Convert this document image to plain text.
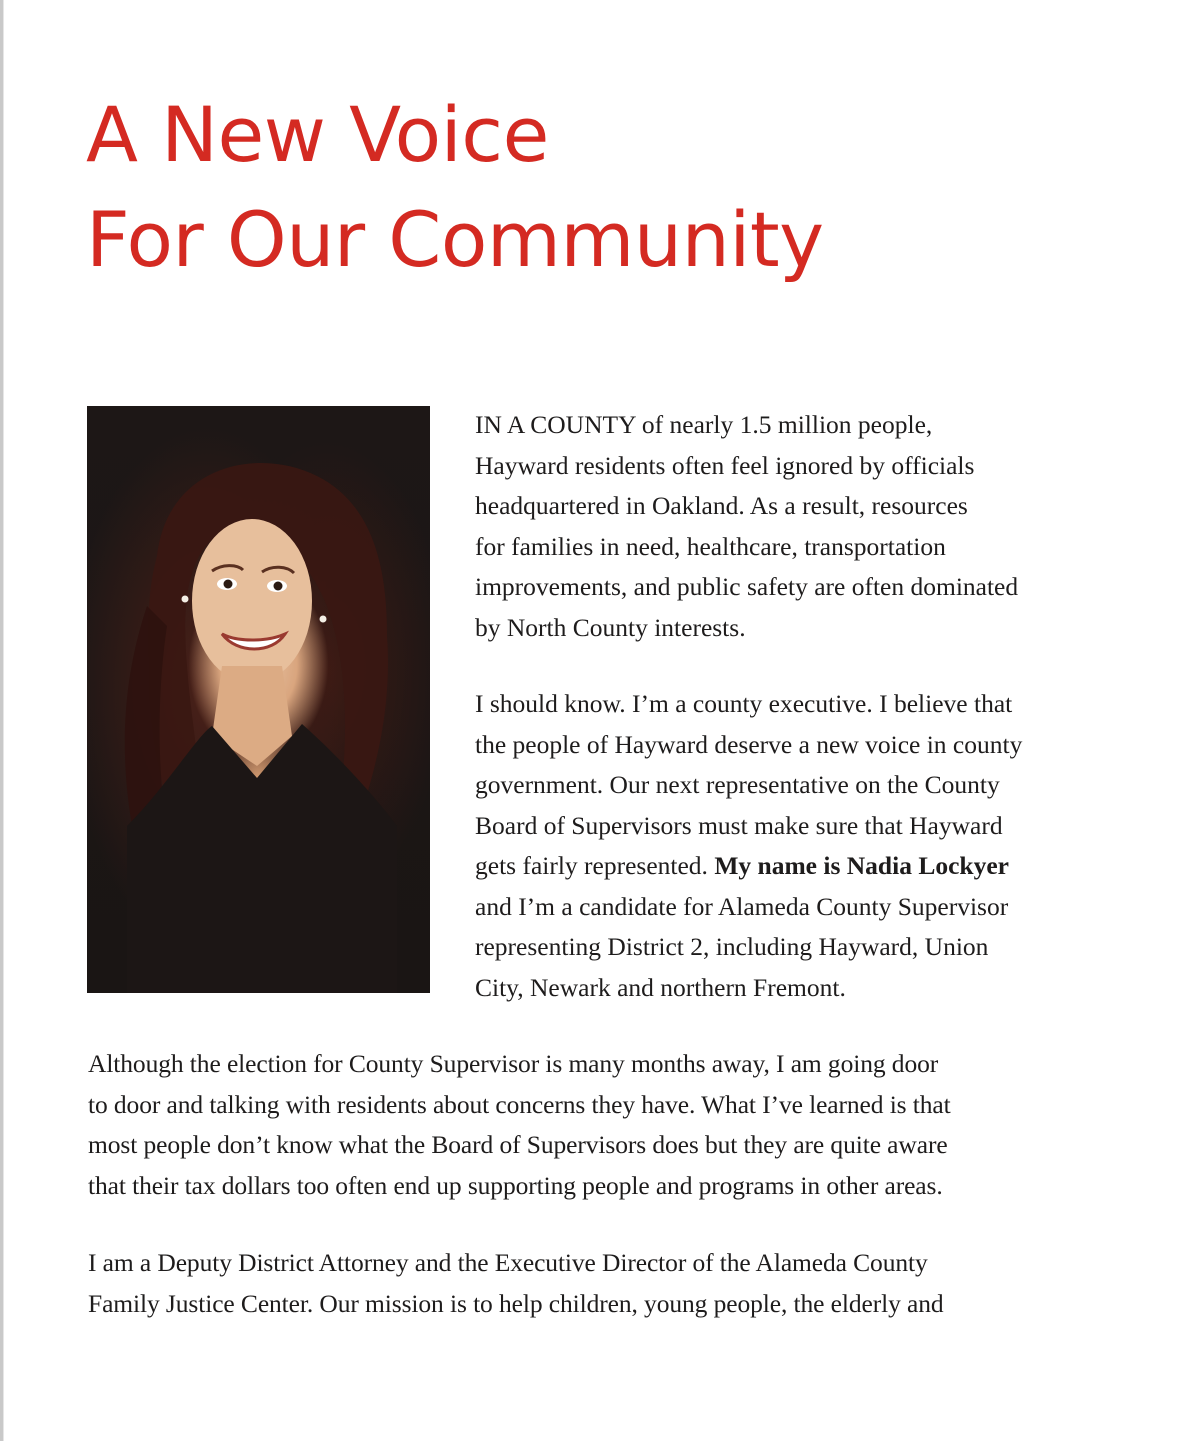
A New Voice
For Our Community

IN A COUNTY of nearly 1.5 million people,
Hayward residents often feel ignored by officials
headquartered in Oakland. As a result, resources
for families in need, healthcare, transportation
improvements, and public safety are often dominated
by North County interests.

I should know. I’m a county executive. I believe that
the people of Hayward deserve a new voice in county
government. Our next representative on the County
Board of Supervisors must make sure that Hayward
gets fairly represented. My name is Nadia Lockyer
and I’m a candidate for Alameda County Supervisor
representing District 2, including Hayward, Union
City, Newark and northern Fremont.

Although the election for County Supervisor is many months away, I am going door
to door and talking with residents about concerns they have. What I’ve learned is that
most people don’t know what the Board of Supervisors does but they are quite aware
that their tax dollars too often end up supporting people and programs in other areas.

I am a Deputy District Attorney and the Executive Director of the Alameda County
Family Justice Center. Our mission is to help children, young people, the elderly and
